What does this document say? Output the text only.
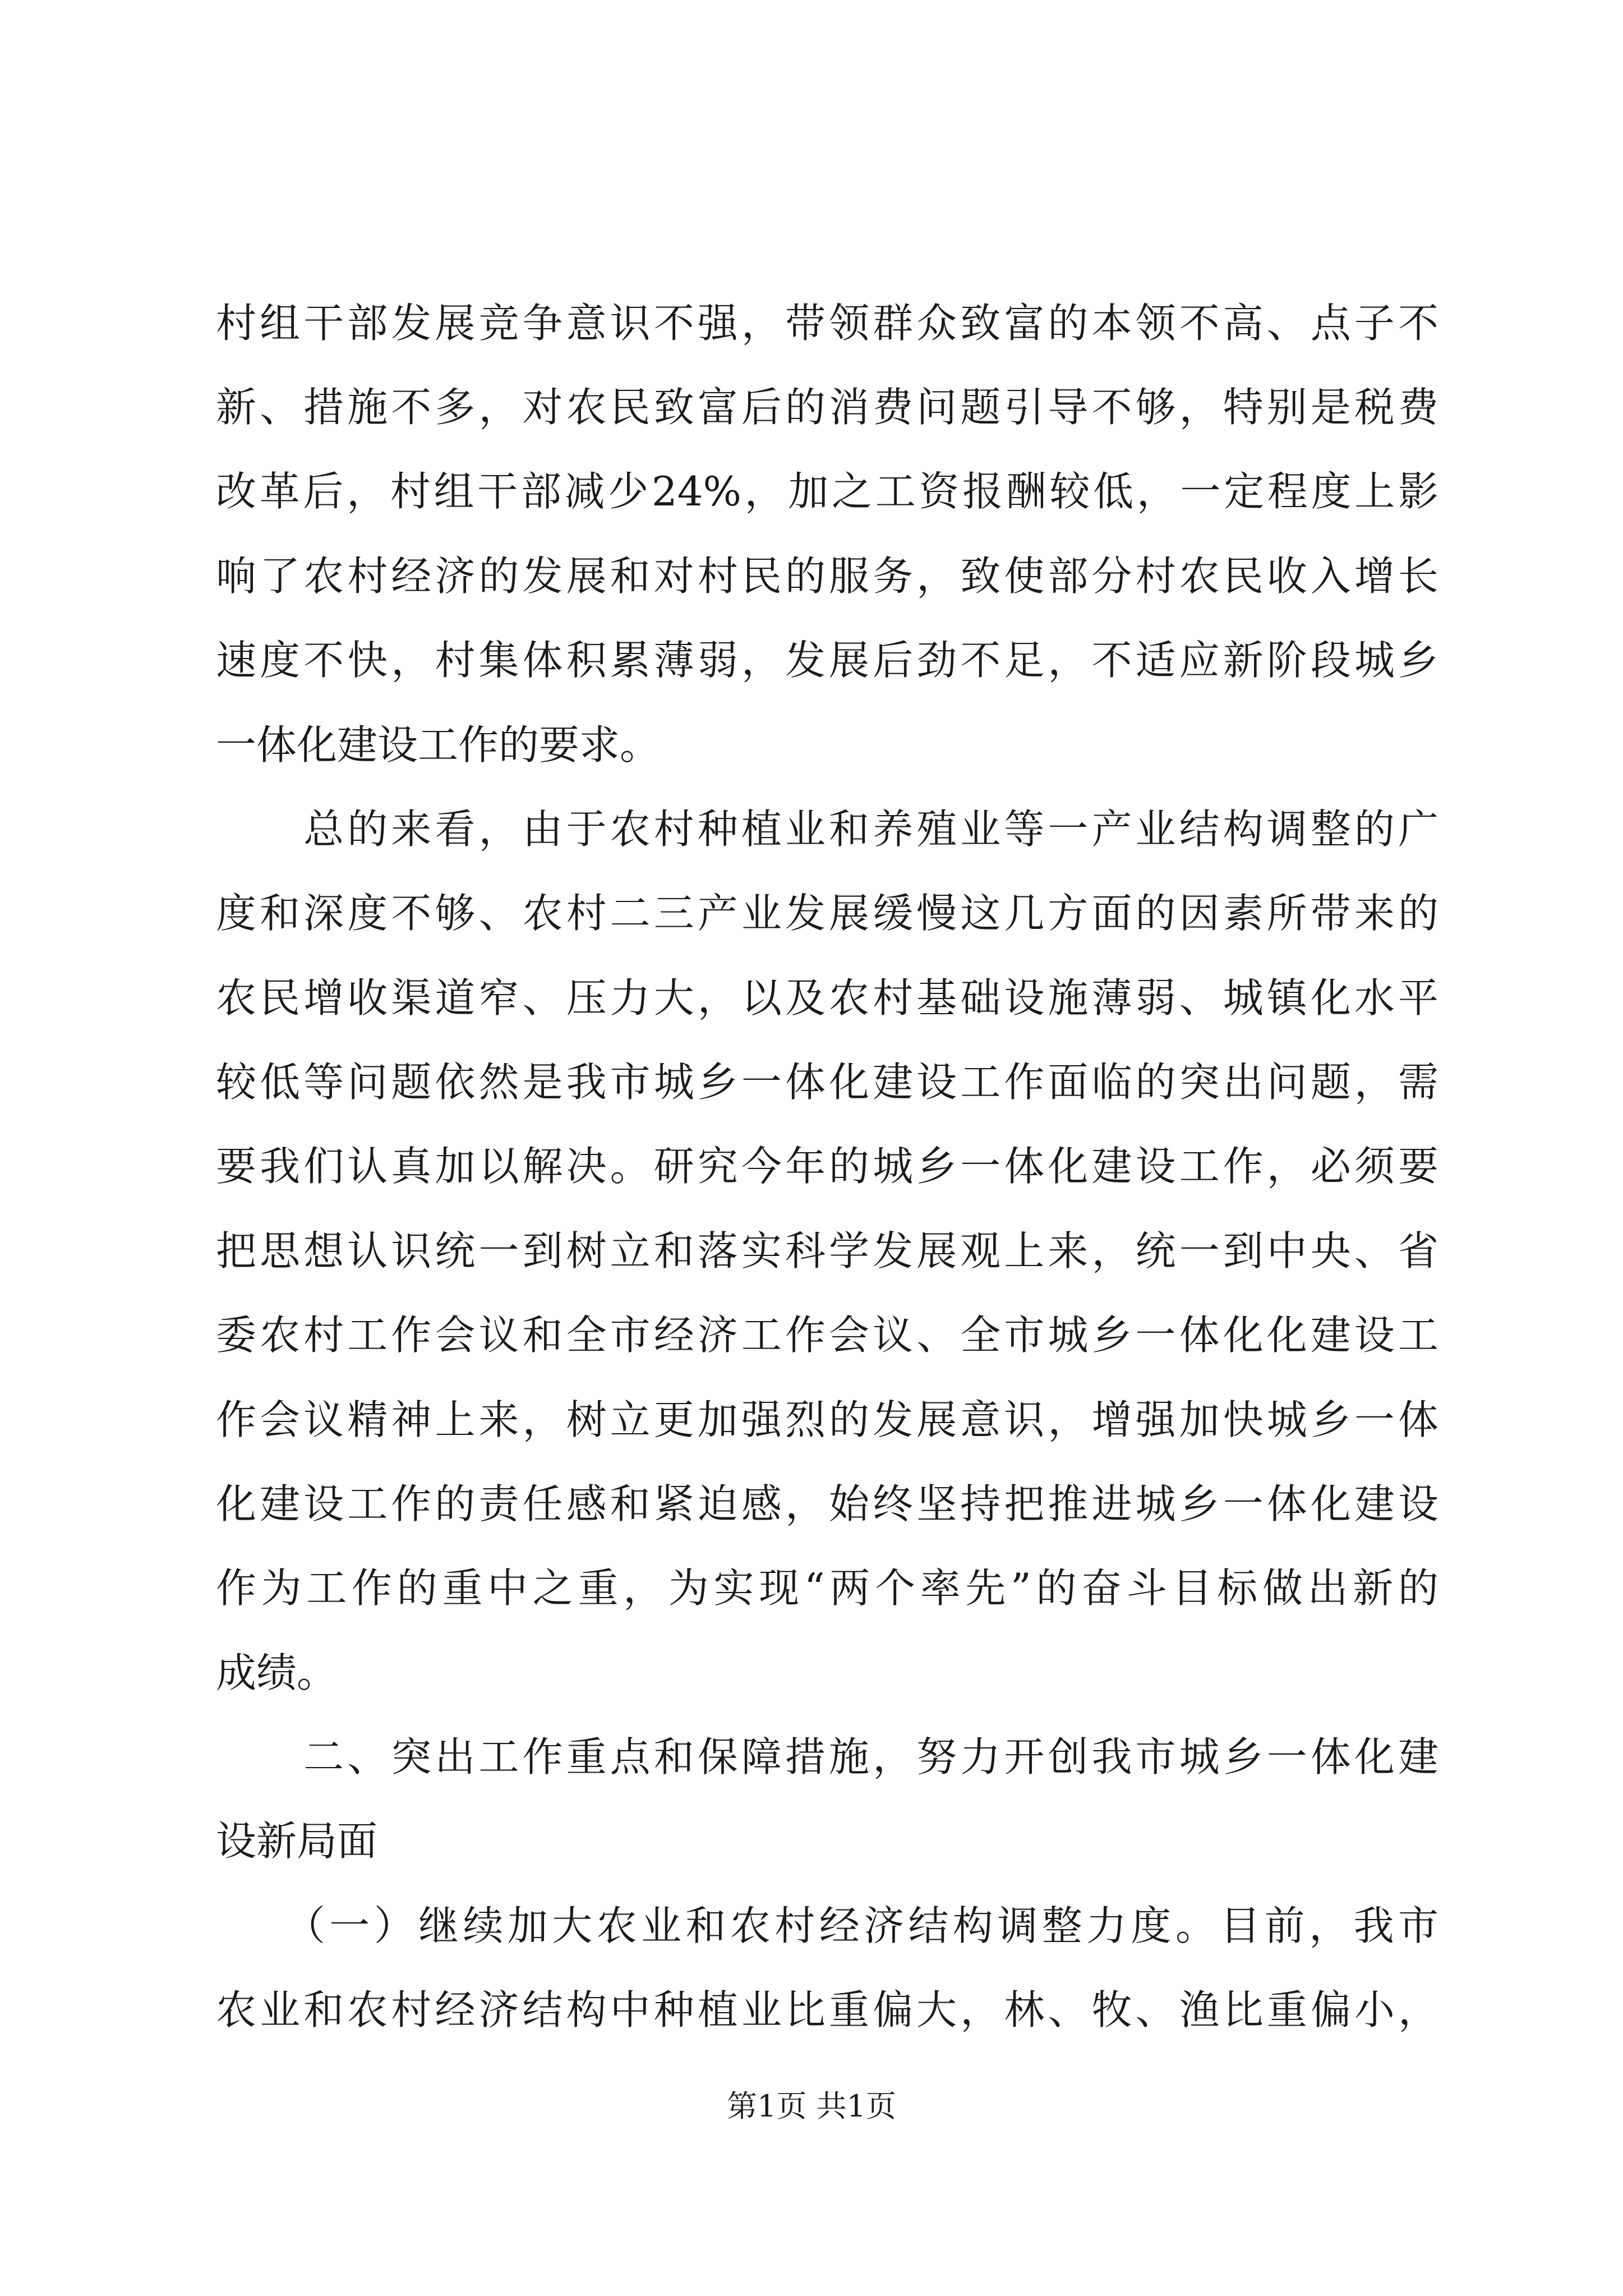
村组干部发展竞争意识不强，带领群众致富的本领不高、点子不
新、措施不多，对农民致富后的消费问题引导不够，特别是税费
改革后，村组干部减少24%，加之工资报酬较低，一定程度上影
响了农村经济的发展和对村民的服务，致使部分村农民收入增长
速度不快，村集体积累薄弱，发展后劲不足，不适应新阶段城乡
一体化建设工作的要求。
　　总的来看，由于农村种植业和养殖业等一产业结构调整的广
度和深度不够、农村二三产业发展缓慢这几方面的因素所带来的
农民增收渠道窄、压力大，以及农村基础设施薄弱、城镇化水平
较低等问题依然是我市城乡一体化建设工作面临的突出问题，需
要我们认真加以解决。研究今年的城乡一体化建设工作，必须要
把思想认识统一到树立和落实科学发展观上来，统一到中央、省
委农村工作会议和全市经济工作会议、全市城乡一体化化建设工
作会议精神上来，树立更加强烈的发展意识，增强加快城乡一体
化建设工作的责任感和紧迫感，始终坚持把推进城乡一体化建设
作为工作的重中之重，为实现“两个率先”的奋斗目标做出新的
成绩。
　　二、突出工作重点和保障措施，努力开创我市城乡一体化建
设新局面
　　（一）继续加大农业和农村经济结构调整力度。目前，我市
农业和农村经济结构中种植业比重偏大，林、牧、渔比重偏小，
第1页 共1页
